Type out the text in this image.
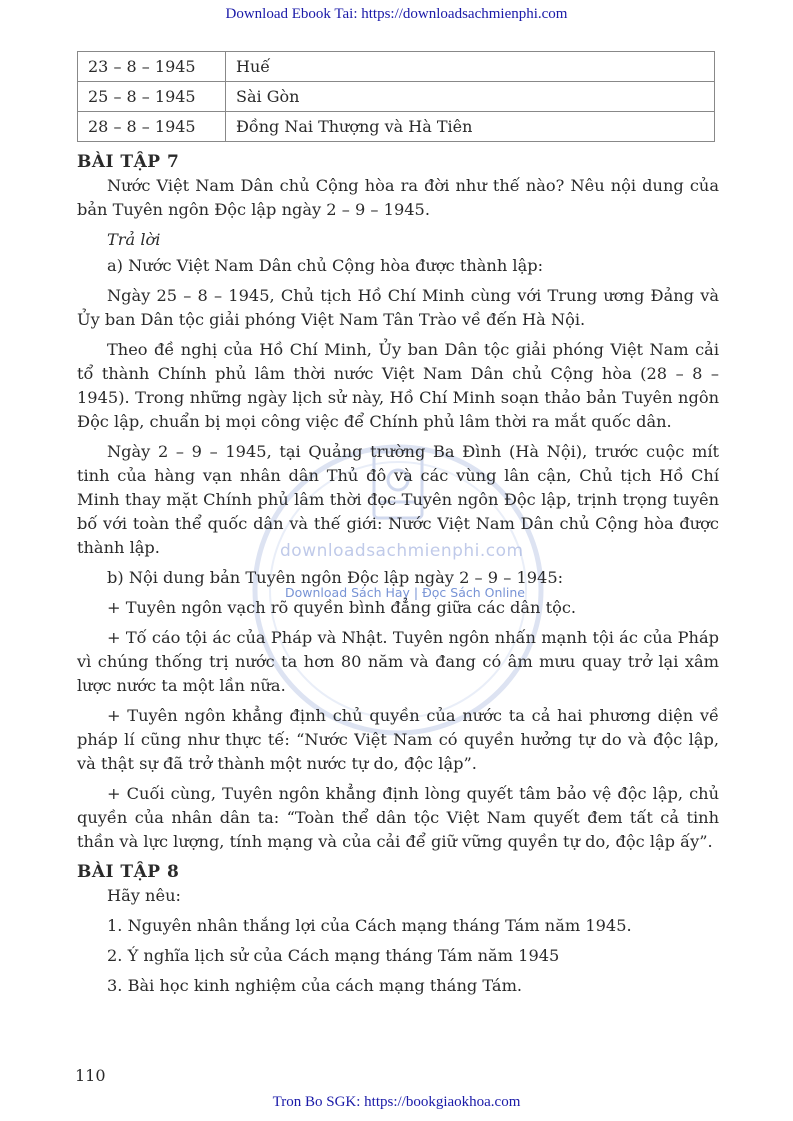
Download Ebook Tai: https://downloadsachmienphi.com
23 – 8 – 1945	Huế
25 – 8 – 1945	Sài Gòn
28 – 8 – 1945	Đồng Nai Thượng và Hà Tiên
downloadsachmienphi.com
Download Sách Hay | Đọc Sách Online
BÀI TẬP 7

Nước Việt Nam Dân chủ Cộng hòa ra đời như thế nào? Nêu nội dung của bản Tuyên ngôn Độc lập ngày 2 – 9 – 1945.

Trả lời

a) Nước Việt Nam Dân chủ Cộng hòa được thành lập:

Ngày 25 – 8 – 1945, Chủ tịch Hồ Chí Minh cùng với Trung ương Đảng và Ủy ban Dân tộc giải phóng Việt Nam Tân Trào về đến Hà Nội.

Theo đề nghị của Hồ Chí Minh, Ủy ban Dân tộc giải phóng Việt Nam cải tổ thành Chính phủ lâm thời nước Việt Nam Dân chủ Cộng hòa (28 – 8 – 1945). Trong những ngày lịch sử này, Hồ Chí Minh soạn thảo bản Tuyên ngôn Độc lập, chuẩn bị mọi công việc để Chính phủ lâm thời ra mắt quốc dân.

Ngày 2 – 9 – 1945, tại Quảng trường Ba Đình (Hà Nội), trước cuộc mít tinh của hàng vạn nhân dân Thủ đô và các vùng lân cận, Chủ tịch Hồ Chí Minh thay mặt Chính phủ lâm thời đọc Tuyên ngôn Độc lập, trịnh trọng tuyên bố với toàn thể quốc dân và thế giới: Nước Việt Nam Dân chủ Cộng hòa được thành lập.

b) Nội dung bản Tuyên ngôn Độc lập ngày 2 – 9 – 1945:

+ Tuyên ngôn vạch rõ quyền bình đẳng giữa các dân tộc.

+ Tố cáo tội ác của Pháp và Nhật. Tuyên ngôn nhấn mạnh tội ác của Pháp vì chúng thống trị nước ta hơn 80 năm và đang có âm mưu quay trở lại xâm lược nước ta một lần nữa.

+ Tuyên ngôn khẳng định chủ quyền của nước ta cả hai phương diện về pháp lí cũng như thực tế: “Nước Việt Nam có quyền hưởng tự do và độc lập, và thật sự đã trở thành một nước tự do, độc lập”.

+ Cuối cùng, Tuyên ngôn khẳng định lòng quyết tâm bảo vệ độc lập, chủ quyền của nhân dân ta: “Toàn thể dân tộc Việt Nam quyết đem tất cả tinh thần và lực lượng, tính mạng và của cải để giữ vững quyền tự do, độc lập ấy”.

BÀI TẬP 8

Hãy nêu:

1. Nguyên nhân thắng lợi của Cách mạng tháng Tám năm 1945.
2. Ý nghĩa lịch sử của Cách mạng tháng Tám năm 1945
3. Bài học kinh nghiệm của cách mạng tháng Tám.
110
Tron Bo SGK: https://bookgiaokhoa.com
